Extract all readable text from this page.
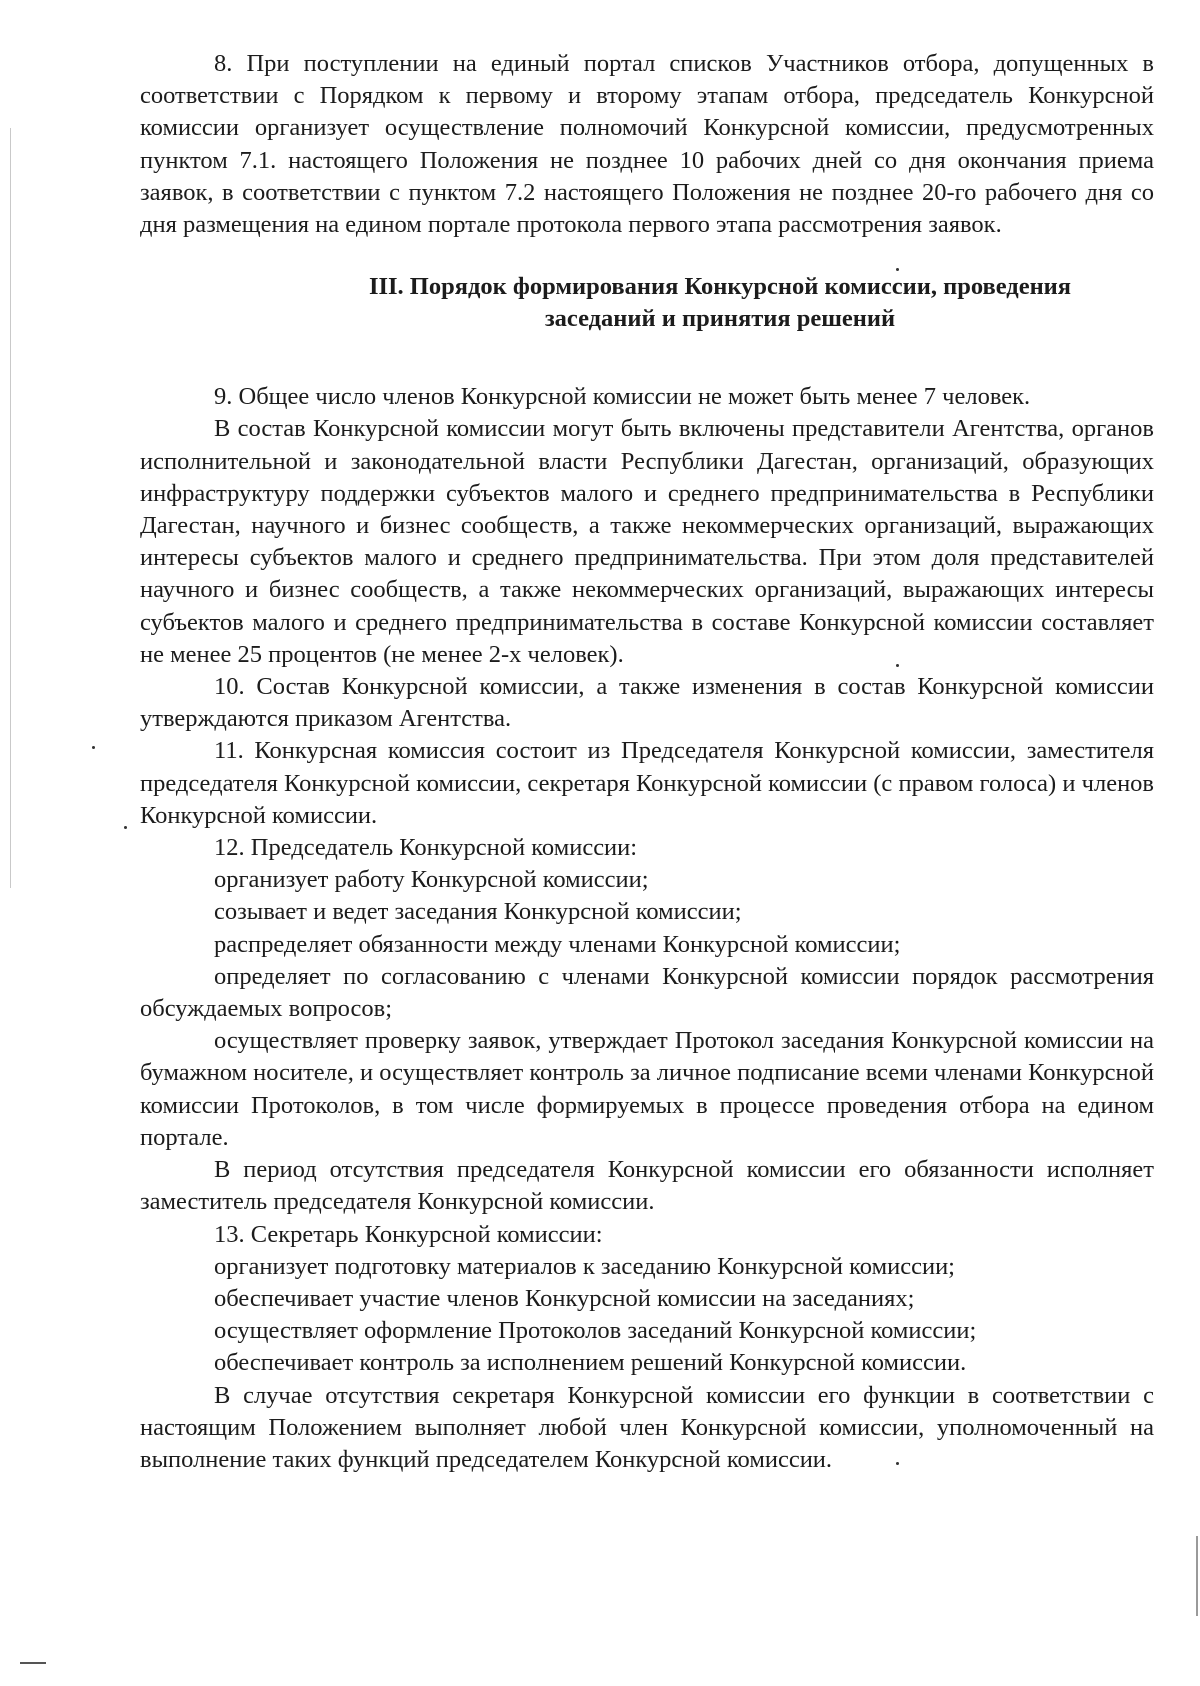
8. При поступлении на единый портал списков Участников отбора, допущенных в соответствии с Порядком к первому и второму этапам отбора, председатель Конкурсной комиссии организует осуществление полномочий Конкурсной комиссии, предусмотренных пунктом 7.1. настоящего Положения не позднее 10 рабочих дней со дня окончания приема заявок, в соответствии с пунктом 7.2 настоящего Положения не позднее 20-го рабочего дня со дня размещения на едином портале протокола первого этапа рассмотрения заявок.

III. Порядок формирования Конкурсной комиссии, проведения
заседаний и принятия решений

9. Общее число членов Конкурсной комиссии не может быть менее 7 человек.

В состав Конкурсной комиссии могут быть включены представители Агентства, органов исполнительной и законодательной власти Республики Дагестан, организаций, образующих инфраструктуру поддержки субъектов малого и среднего предпринимательства в Республики Дагестан, научного и бизнес сообществ, а также некоммерческих организаций, выражающих интересы субъектов малого и среднего предпринимательства. При этом доля представителей научного и бизнес сообществ, а также некоммерческих организаций, выражающих интересы субъектов малого и среднего предпринимательства в составе Конкурсной комиссии составляет не менее 25 процентов (не менее 2-х человек).

10. Состав Конкурсной комиссии, а также изменения в состав Конкурсной комиссии утверждаются приказом Агентства.

11. Конкурсная комиссия состоит из Председателя Конкурсной комиссии, заместителя председателя Конкурсной комиссии, секретаря Конкурсной комиссии (с правом голоса) и членов Конкурсной комиссии.

12. Председатель Конкурсной комиссии:

организует работу Конкурсной комиссии;

созывает и ведет заседания Конкурсной комиссии;

распределяет обязанности между членами Конкурсной комиссии;

определяет по согласованию с членами Конкурсной комиссии порядок рассмотрения обсуждаемых вопросов;

осуществляет проверку заявок, утверждает Протокол заседания Конкурсной комиссии на бумажном носителе, и осуществляет контроль за личное подписание всеми членами Конкурсной комиссии Протоколов, в том числе формируемых в процессе проведения отбора на едином портале.

В период отсутствия председателя Конкурсной комиссии его обязанности исполняет заместитель председателя Конкурсной комиссии.

13. Секретарь Конкурсной комиссии:

организует подготовку материалов к заседанию Конкурсной комиссии;

обеспечивает участие членов Конкурсной комиссии на заседаниях;

осуществляет оформление Протоколов заседаний Конкурсной комиссии;

обеспечивает контроль за исполнением решений Конкурсной комиссии.

В случае отсутствия секретаря Конкурсной комиссии его функции в соответствии с настоящим Положением выполняет любой член Конкурсной комиссии, уполномоченный на выполнение таких функций председателем Конкурсной комиссии.
